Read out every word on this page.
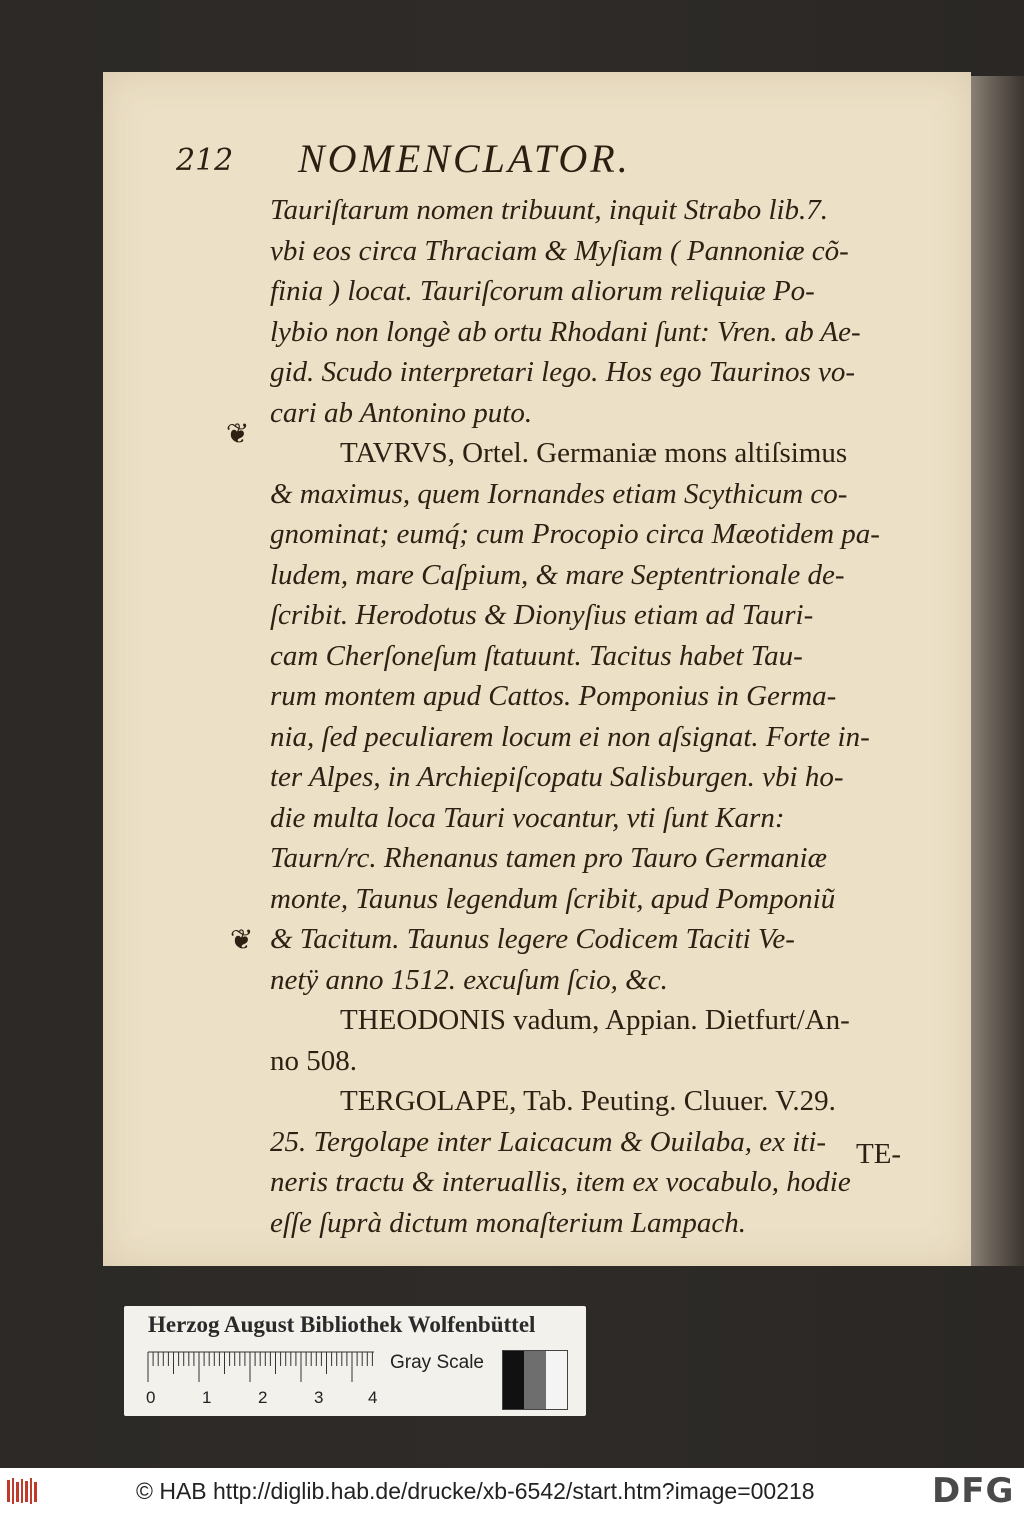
212 NOMENCLATOR.
Tauriſtarum nomen tribuunt, inquit Strabo lib.7.
vbi eos circa Thraciam & Myſiam ( Pannoniæ cõ-
finia ) locat. Tauriſcorum aliorum reliquiæ Po-
lybio non longè ab ortu Rhodani ſunt: Vren. ab Ae-
gid. Scudo interpretari lego. Hos ego Taurinos vo-
cari ab Antonino puto.
TAVRVS, Ortel. Germaniæ mons altiſsimus
& maximus, quem Iornandes etiam Scythicum co-
gnominat; eumq́; cum Procopio circa Mæotidem pa-
ludem, mare Caſpium, & mare Septentrionale de-
ſcribit. Herodotus & Dionyſius etiam ad Tauri-
cam Cherſoneſum ſtatuunt. Tacitus habet Tau-
rum montem apud Cattos. Pomponius in Germa-
nia, ſed peculiarem locum ei non aſsignat. Forte in-
ter Alpes, in Archiepiſcopatu Salisburgen. vbi ho-
die multa loca Tauri vocantur, vti ſunt Karn:
Taurn/rc. Rhenanus tamen pro Tauro Germaniæ
monte, Taunus legendum ſcribit, apud Pomponiũ
& Tacitum. Taunus legere Codicem Taciti Ve-
netÿ anno 1512. excuſum ſcio, &c.
THEODONIS vadum, Appian. Dietfurt/An-
no 508.
TERGOLAPE, Tab. Peuting. Cluuer. V.29.
25. Tergolape inter Laicacum & Ouilaba, ex iti-
neris tractu & interuallis, item ex vocabulo, hodie
eſſe ſuprà dictum monaſterium Lampach.
❦
❦
TE-
Herzog August Bibliothek Wolfenbüttel
0	1	2	3	4
Gray Scale
© HAB http://diglib.hab.de/drucke/xb-6542/start.htm?image=00218	DFG
